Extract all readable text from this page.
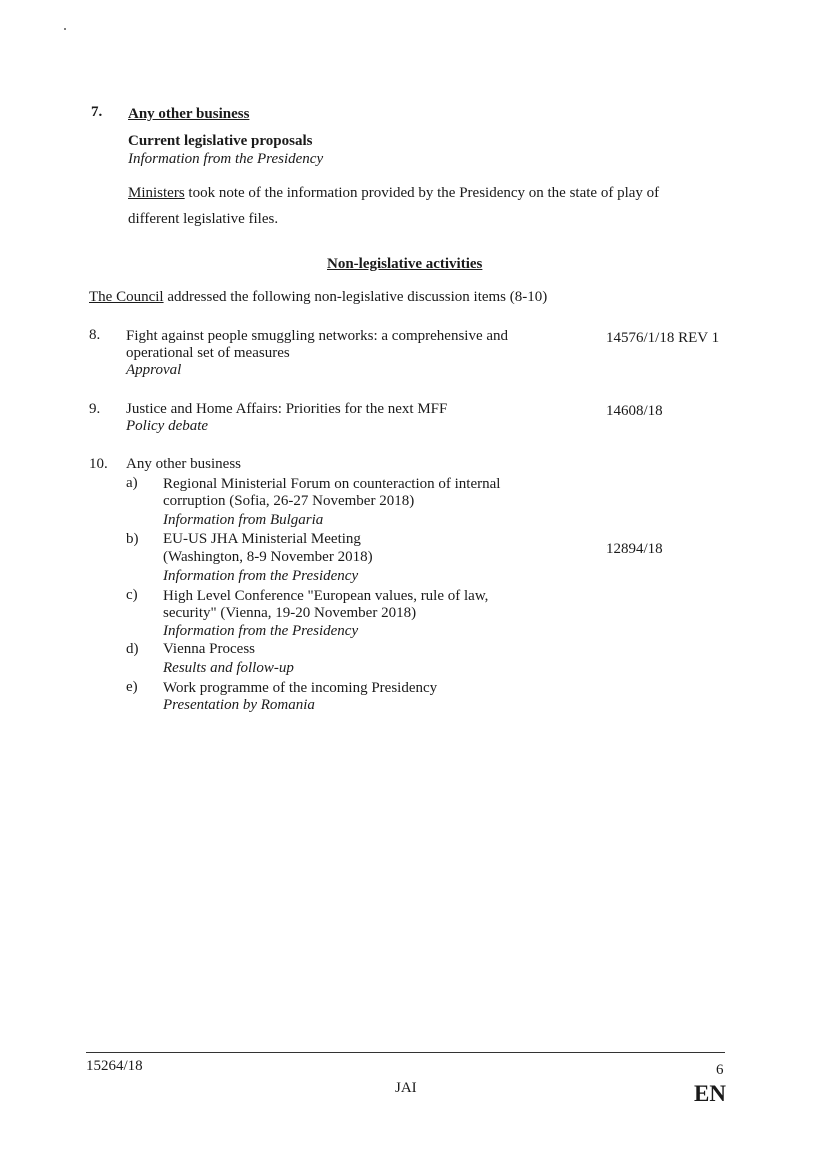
7. Any other business
Current legislative proposals
Information from the Presidency
Ministers took note of the information provided by the Presidency on the state of play of
different legislative files.
Non-legislative activities
The Council addressed the following non-legislative discussion items (8-10)
8. Fight against people smuggling networks: a comprehensive and
operational set of measures
Approval
14576/1/18 REV 1
9. Justice and Home Affairs: Priorities for the next MFF
Policy debate
14608/18
10. Any other business
a) Regional Ministerial Forum on counteraction of internal
corruption (Sofia, 26-27 November 2018)
Information from Bulgaria
b) EU-US JHA Ministerial Meeting
(Washington, 8-9 November 2018)
Information from the Presidency
12894/18
c) High Level Conference "European values, rule of law,
security" (Vienna, 19-20 November 2018)
Information from the Presidency
d) Vienna Process
Results and follow-up
e) Work programme of the incoming Presidency
Presentation by Romania
15264/18	6
JAI	EN
